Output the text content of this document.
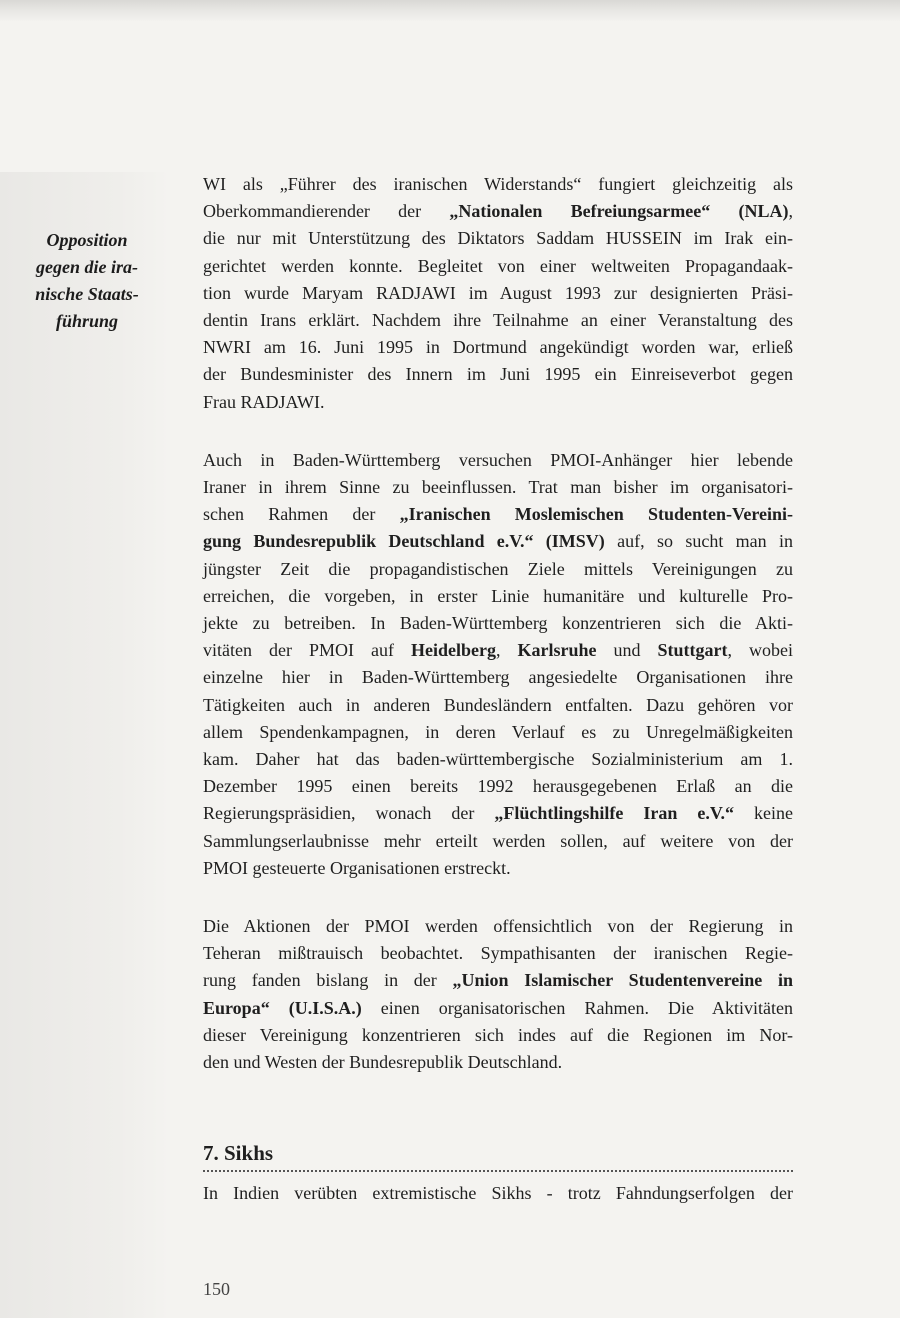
Opposition
gegen die ira-
nische Staats-
führung

WI als „Führer des iranischen Widerstands“ fungiert gleichzeitig als
Oberkommandierender der „Nationalen Befreiungsarmee“ (NLA),
die nur mit Unterstützung des Diktators Saddam HUSSEIN im Irak ein-
gerichtet werden konnte. Begleitet von einer weltweiten Propagandaak-
tion wurde Maryam RADJAWI im August 1993 zur designierten Präsi-
dentin Irans erklärt. Nachdem ihre Teilnahme an einer Veranstaltung des
NWRI am 16. Juni 1995 in Dortmund angekündigt worden war, erließ
der Bundesminister des Innern im Juni 1995 ein Einreiseverbot gegen
Frau RADJAWI.

Auch in Baden-Württemberg versuchen PMOI-Anhänger hier lebende
Iraner in ihrem Sinne zu beeinflussen. Trat man bisher im organisatori-
schen Rahmen der „Iranischen Moslemischen Studenten-Vereini-
gung Bundesrepublik Deutschland e.V.“ (IMSV) auf, so sucht man in
jüngster Zeit die propagandistischen Ziele mittels Vereinigungen zu
erreichen, die vorgeben, in erster Linie humanitäre und kulturelle Pro-
jekte zu betreiben. In Baden-Württemberg konzentrieren sich die Akti-
vitäten der PMOI auf Heidelberg, Karlsruhe und Stuttgart, wobei
einzelne hier in Baden-Württemberg angesiedelte Organisationen ihre
Tätigkeiten auch in anderen Bundesländern entfalten. Dazu gehören vor
allem Spendenkampagnen, in deren Verlauf es zu Unregelmäßigkeiten
kam. Daher hat das baden-württembergische Sozialministerium am 1.
Dezember 1995 einen bereits 1992 herausgegebenen Erlaß an die
Regierungspräsidien, wonach der „Flüchtlingshilfe Iran e.V.“ keine
Sammlungserlaubnisse mehr erteilt werden sollen, auf weitere von der
PMOI gesteuerte Organisationen erstreckt.

Die Aktionen der PMOI werden offensichtlich von der Regierung in
Teheran mißtrauisch beobachtet. Sympathisanten der iranischen Regie-
rung fanden bislang in der „Union Islamischer Studentenvereine in
Europa“ (U.I.S.A.) einen organisatorischen Rahmen. Die Aktivitäten
dieser Vereinigung konzentrieren sich indes auf die Regionen im Nor-
den und Westen der Bundesrepublik Deutschland.

7. Sikhs

In Indien verübten extremistische Sikhs - trotz Fahndungserfolgen der

150
